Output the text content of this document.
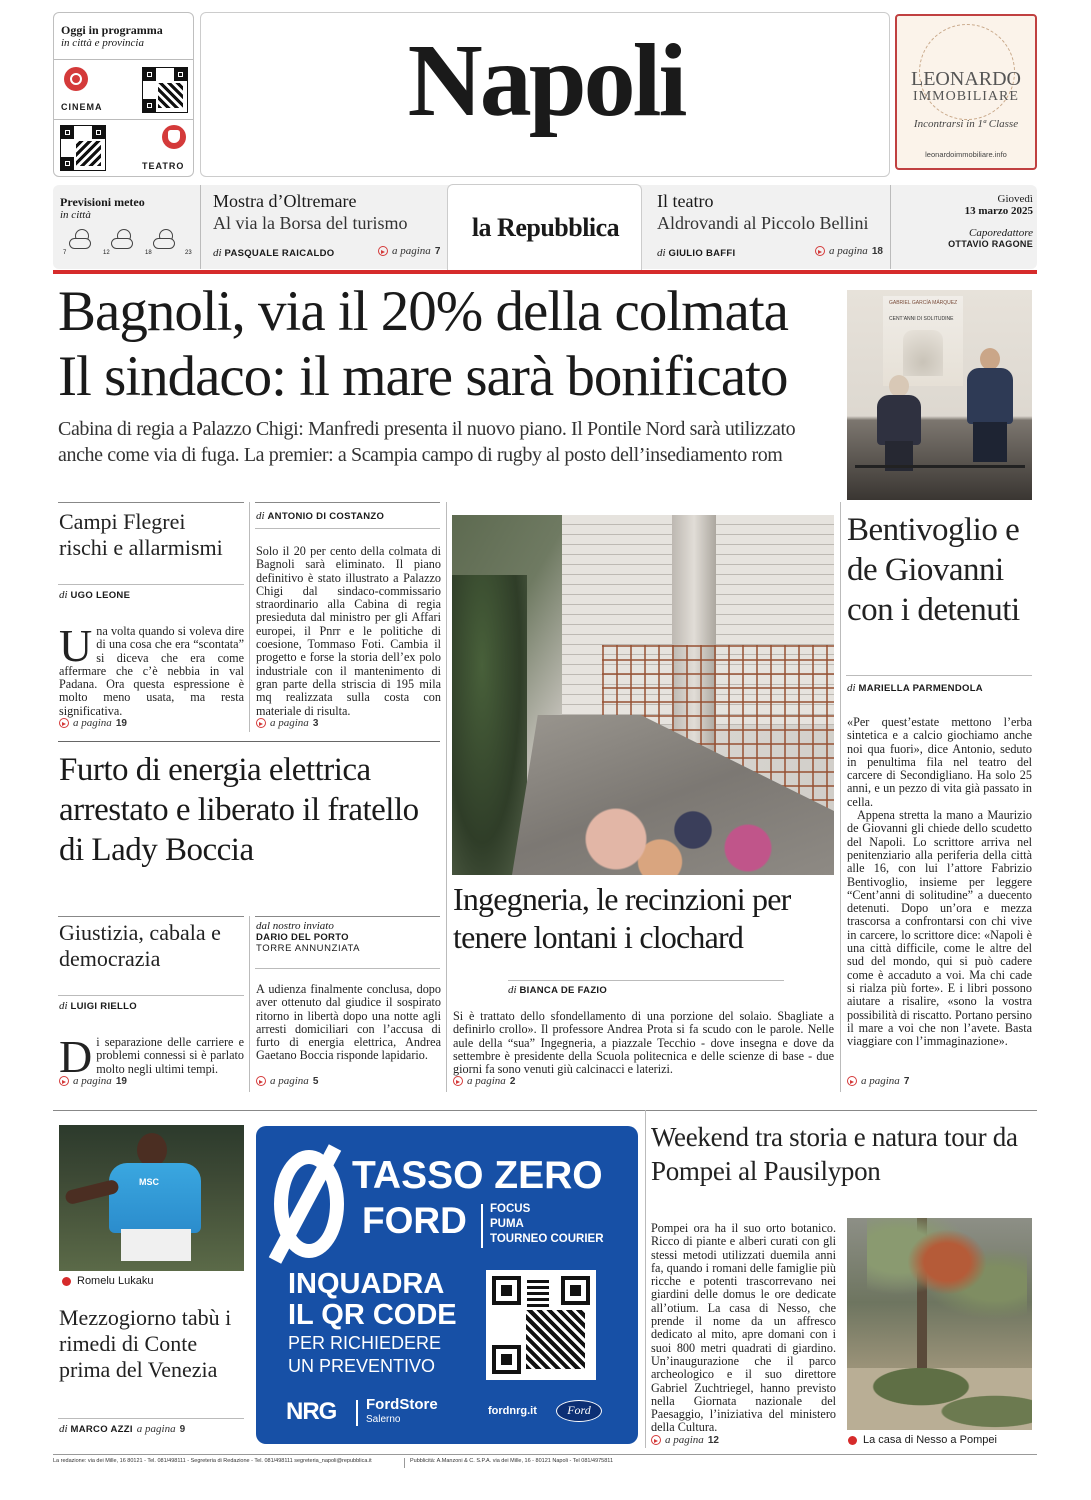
Oggi in programma
in città e provincia
CINEMA
TEATRO
Napoli	LEONARDO
IMMOBILIARE
Incontrarsi in 1ª Classe
leonardoimmobiliare.info
Previsioni meteo
in città
7	12	18	23
Mostra d’Oltremare
Al via la Borsa del turismo
di PASQUALE RAICALDO	a pagina 7
la Repubblica
Il teatro
Aldrovandi al Piccolo Bellini
di GIULIO BAFFI	a pagina 18
Giovedì
13 marzo 2025
Caporedattore
OTTAVIO RAGONE
Bagnoli, via il 20% della colmata
Il sindaco: il mare sarà bonificato
Cabina di regia a Palazzo Chigi: Manfredi presenta il nuovo piano. Il Pontile Nord sarà utilizzato anche come via di fuga. La premier: a Scampia campo di rugby al posto dell’insediamento rom
GABRIEL GARCÍA MÁRQUEZ
CENT’ANNI DI SOLITUDINE
Campi Flegrei rischi e allarmismi
di UGO LEONE
Una volta quando si voleva dire di una cosa che era “scontata” si diceva che era come affermare che c’è nebbia in val Padana. Ora questa espressione è molto meno usata, ma resta significativa.
a pagina 19
di ANTONIO DI COSTANZO
Solo il 20 per cento della colmata di Bagnoli sarà eliminato. Il piano definitivo è stato illustrato a Palazzo Chigi dal sindaco-commissario straordinario alla Cabina di regia presieduta dal ministro per gli Affari europei, il Pnrr e le politiche di coesione, Tommaso Foti. Cambia il progetto e forse la storia dell’ex polo industriale con il mantenimento di gran parte della striscia di 195 mila mq realizzata sulla costa con materiale di risulta.
a pagina 3
Furto di energia elettrica arrestato e liberato il fratello di Lady Boccia
Giustizia, cabala e democrazia
di LUIGI RIELLO
Di separazione delle carriere e problemi connessi si è parlato molto negli ultimi tempi.
a pagina 19
dal nostro inviato
DARIO DEL PORTO
TORRE ANNUNZIATA
A udienza finalmente conclusa, dopo aver ottenuto dal giudice il sospirato ritorno in libertà dopo una notte agli arresti domiciliari con l’accusa di furto di energia elettrica, Andrea Gaetano Boccia risponde lapidario.
a pagina 5
Ingegneria, le recinzioni per tenere lontani i clochard
di BIANCA DE FAZIO
Si è trattato dello sfondellamento di una porzione del solaio. Sbagliate a definirlo crollo». Il professore Andrea Prota si fa scudo con le parole. Nelle aule della “sua” Ingegneria, a piazzale Tecchio - dove insegna e dove da settembre è presidente della Scuola politecnica e delle scienze di base - due giorni fa sono venuti giù calcinacci e laterizi.
a pagina 2
Bentivoglio e de Giovanni con i detenuti
di MARIELLA PARMENDOLA
«Per quest’estate mettono l’erba sintetica e a calcio giochiamo anche noi qua fuori», dice Antonio, seduto in penultima fila nel teatro del carcere di Secondigliano. Ha solo 25 anni, e un pezzo di vita già passato in cella.
Appena stretta la mano a Maurizio de Giovanni gli chiede dello scudetto del Napoli. Lo scrittore arriva nel penitenziario alla periferia della città alle 16, con lui l’attore Fabrizio Bentivoglio, insieme per leggere “Cent’anni di solitudine” a duecento detenuti. Dopo un’ora e mezza trascorsa a confrontarsi con chi vive in carcere, lo scrittore dice: «Napoli è una città difficile, come le altre del sud del mondo, qui si può cadere come è accaduto a voi. Ma chi cade si rialza più forte». E i libri possono aiutare a risalire, «sono la vostra possibilità di riscatto. Portano persino il mare a voi che non l’avete. Basta viaggiare con l’immaginazione».
a pagina 7
MSC
Romelu Lukaku
Mezzogiorno tabù i rimedi di Conte prima del Venezia
di MARCO AZZI a pagina 9
TASSO ZERO
FORD FOCUS
PUMA
TOURNEO COURIER
INQUADRA
IL QR CODE
PER RICHIEDERE
UN PREVENTIVO
NRG FordStore
Salerno
fordnrg.it	Ford
Weekend tra storia e natura tour da Pompei al Pausilypon
Pompei ora ha il suo orto botanico. Ricco di piante e alberi curati con gli stessi metodi utilizzati duemila anni fa, quando i romani delle famiglie più ricche e potenti trascorrevano nei giardini delle domus le ore dedicate all’otium. La casa di Nesso, che prende il nome da un affresco dedicato al mito, apre domani con i suoi 800 metri quadrati di giardino. Un’inaugurazione che il parco archeologico e il suo direttore Gabriel Zuchtriegel, hanno previsto nella Giornata nazionale del Paesaggio, l’iniziativa del ministero della Cultura.
a pagina 12	La casa di Nesso a Pompei
La redazione: via dei Mille, 16 80121 - Tel. 081/498111 - Segreteria di Redazione - Tel. 081/498111 segreteria_napoli@repubblica.it	Pubblicità: A.Manzoni & C. S.P.A. via dei Mille, 16 - 80121 Napoli - Tel 081/4975811
